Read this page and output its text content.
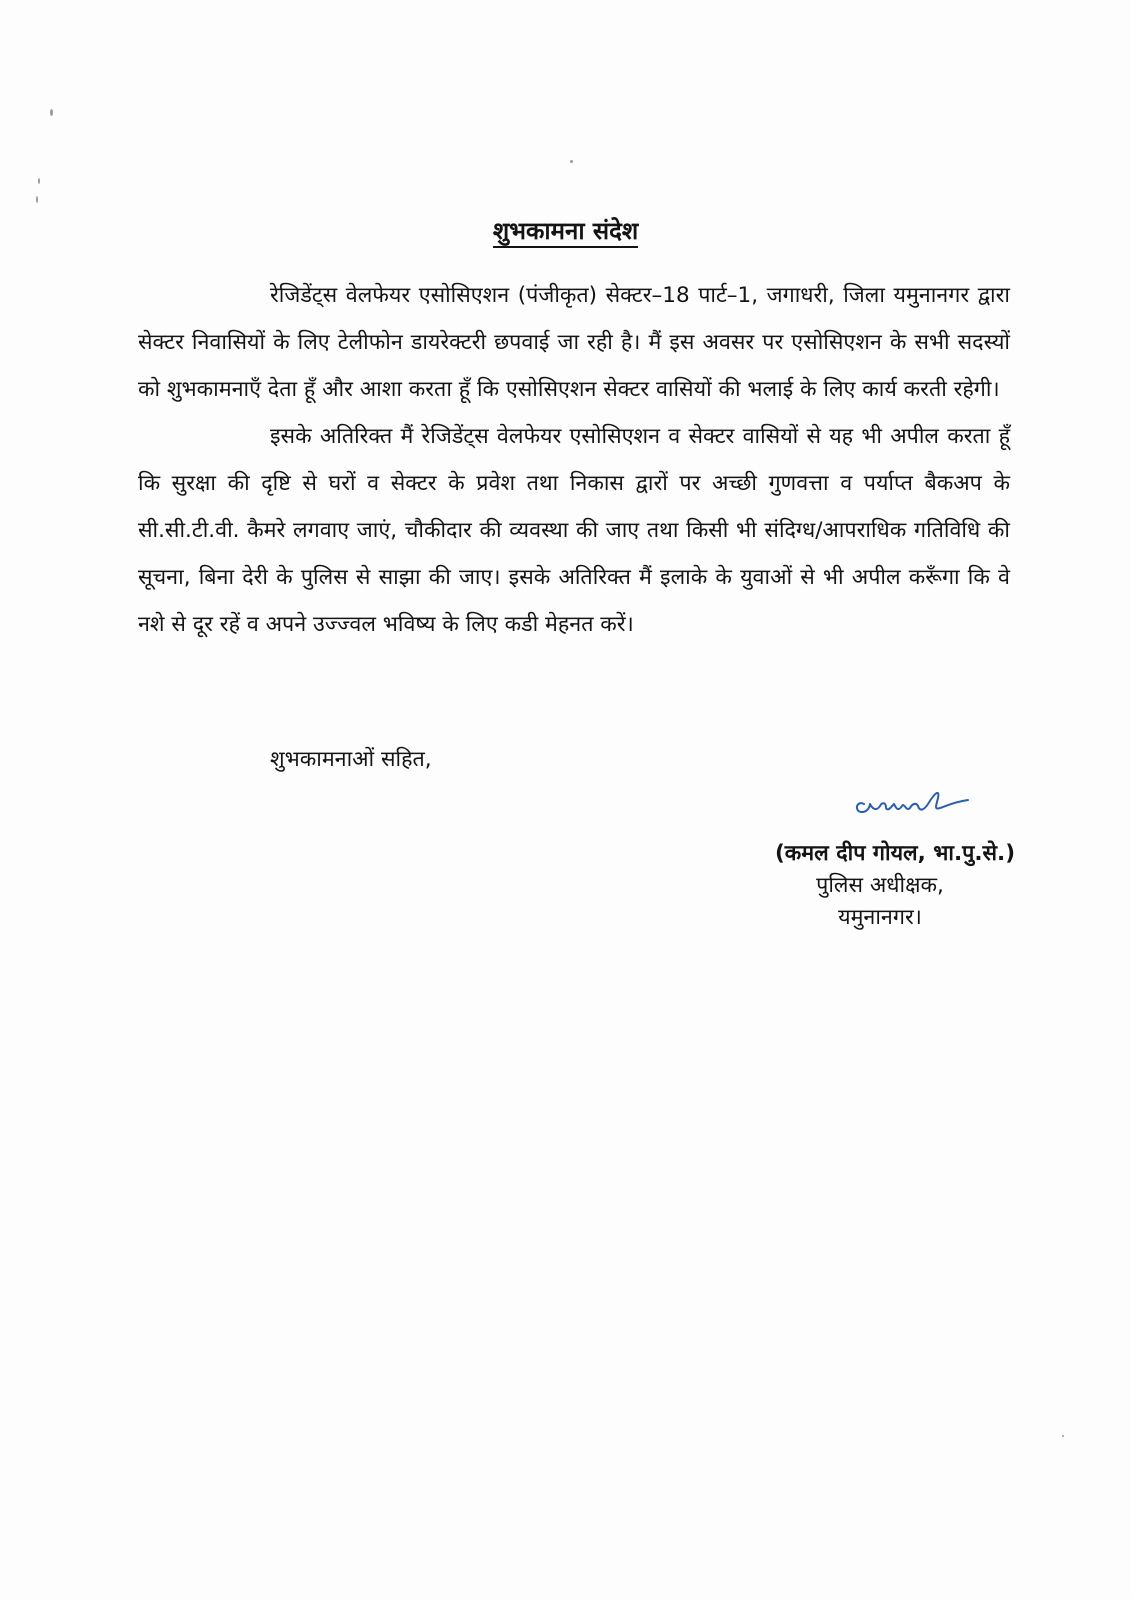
शुभकामना संदेश

रेजिडेंट्स वेलफेयर एसोसिएशन (पंजीकृत) सेक्टर–18 पार्ट–1, जगाधरी, जिला यमुनानगर द्वारा सेक्टर निवासियों के लिए टेलीफोन डायरेक्टरी छपवाई जा रही है। मैं इस अवसर पर एसोसिएशन के सभी सदस्यों को शुभकामनाएँ देता हूँ और आशा करता हूँ कि एसोसिएशन सेक्टर वासियों की भलाई के लिए कार्य करती रहेगी।

इसके अतिरिक्त मैं रेजिडेंट्स वेलफेयर एसोसिएशन व सेक्टर वासियों से यह भी अपील करता हूँ कि सुरक्षा की दृष्टि से घरों व सेक्टर के प्रवेश तथा निकास द्वारों पर अच्छी गुणवत्ता व पर्याप्त बैकअप के सी.सी.टी.वी. कैमरे लगवाए जाएं, चौकीदार की व्यवस्था की जाए तथा किसी भी संदिग्ध/आपराधिक गतिविधि की सूचना, बिना देरी के पुलिस से साझा की जाए। इसके अतिरिक्त मैं इलाके के युवाओं से भी अपील करूँगा कि वे नशे से दूर रहें व अपने उज्ज्वल भविष्य के लिए कडी मेहनत करें।

शुभकामनाओं सहित,
(कमल दीप गोयल, भा.पु.से.)
पुलिस अधीक्षक,
यमुनानगर।
